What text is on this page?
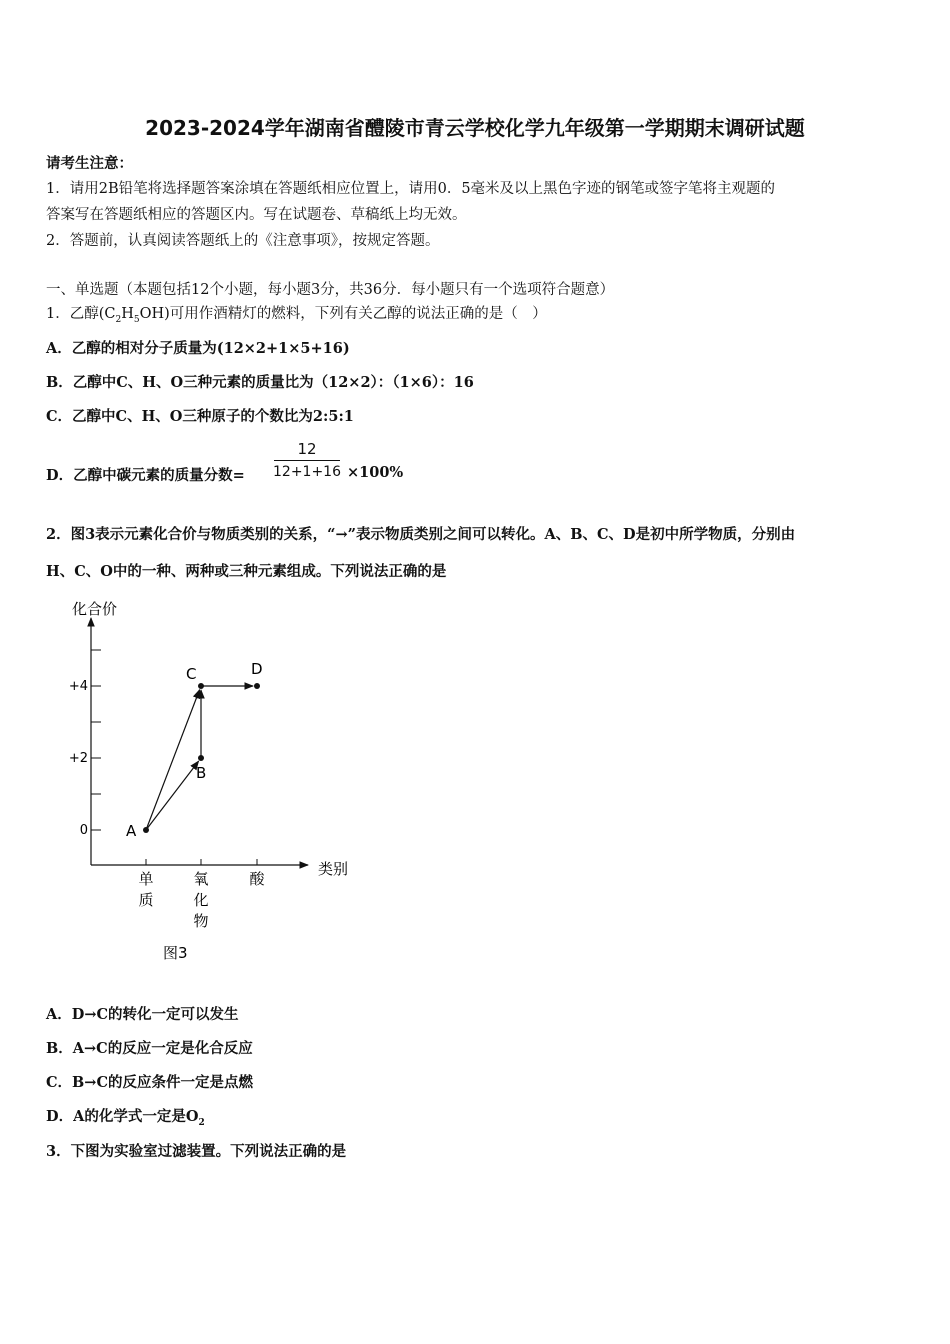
2023-2024学年湖南省醴陵市青云学校化学九年级第一学期期末调研试题
请考生注意：
1．请用2B铅笔将选择题答案涂填在答题纸相应位置上，请用0．5毫米及以上黑色字迹的钢笔或签字笔将主观题的
答案写在答题纸相应的答题区内。写在试题卷、草稿纸上均无效。
2．答题前，认真阅读答题纸上的《注意事项》，按规定答题。
一、单选题（本题包括12个小题，每小题3分，共36分．每小题只有一个选项符合题意）
1．乙醇$(C_2H_5OH)$可用作酒精灯的燃料，下列有关乙醇的说法正确的是（　）
A．乙醇的相对分子质量为(12×2+1×5+16)
B．乙醇中C、H、O三种元素的质量比为（12×2）：（1×6）：16
C．乙醇中C、H、O三种原子的个数比为2:5:1
D．乙醇中碳元素的质量分数=
12
12+1+16 ×100%
2．图3表示元素化合价与物质类别的关系，“→”表示物质类别之间可以转化。A、B、C、D是初中所学物质，分别由
H、C、O中的一种、两种或三种元素组成。下列说法正确的是
0
+2
+4
化合价
类别
单
质
氧
化
物
酸
图3
A
B
C	D
A．D→C的转化一定可以发生
B．A→C的反应一定是化合反应
C．B→C的反应条件一定是点燃
D．A的化学式一定是$O_2$
3．下图为实验室过滤装置。下列说法正确的是
